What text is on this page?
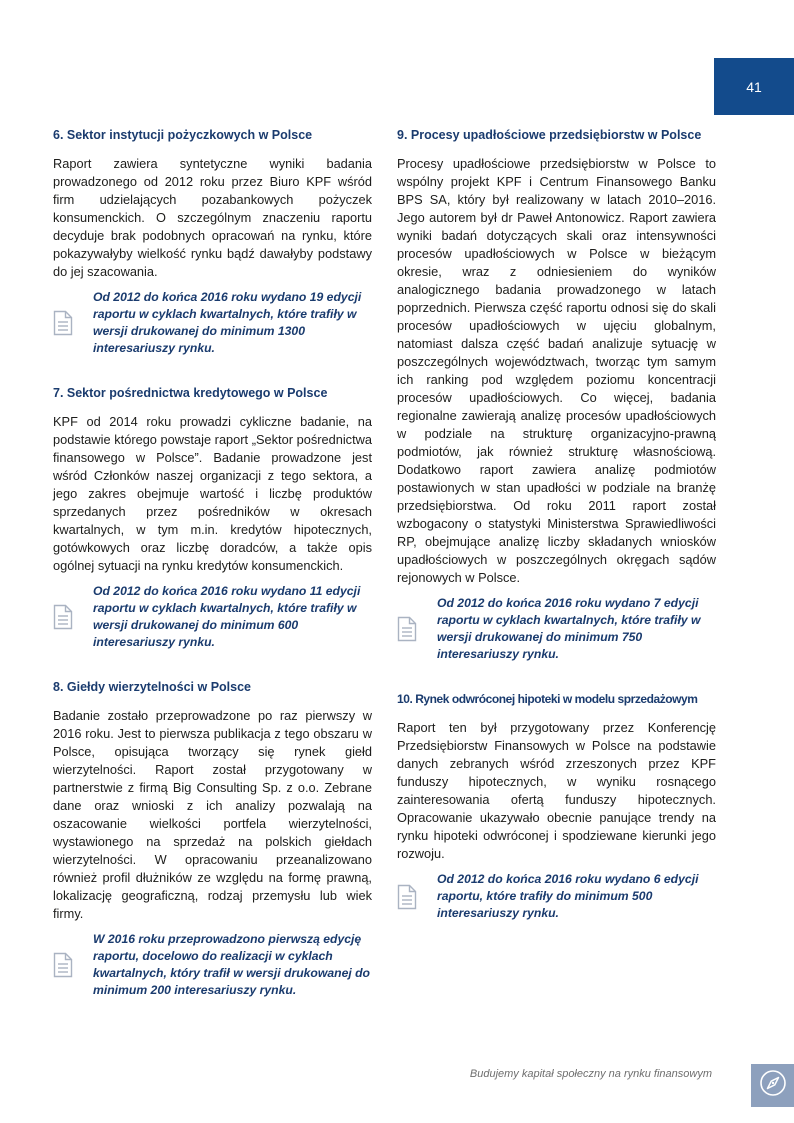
41
6. Sektor instytucji pożyczkowych w Polsce
Raport zawiera syntetyczne wyniki badania prowadzonego od 2012 roku przez Biuro KPF wśród firm udzielających pozabankowych pożyczek konsumenckich. O szczególnym znaczeniu raportu decyduje brak podobnych opracowań na rynku, które pokazywałyby wielkość rynku bądź dawałyby podstawy do jej szacowania.
Od 2012 do końca 2016 roku wydano 19 edycji raportu w cyklach kwartalnych, które trafiły w wersji drukowanej do minimum 1300 interesariuszy rynku.
7. Sektor pośrednictwa kredytowego w Polsce
KPF od 2014 roku prowadzi cykliczne badanie, na podstawie którego powstaje raport „Sektor pośrednictwa finansowego w Polsce”. Badanie prowadzone jest wśród Członków naszej organizacji z tego sektora, a jego zakres obejmuje wartość i liczbę produktów sprzedanych przez pośredników w okresach kwartalnych, w tym m.in. kredytów hipotecznych, gotówkowych oraz liczbę doradców, a także opis ogólnej sytuacji na rynku kredytów konsumenckich.
Od 2012 do końca 2016 roku wydano 11 edycji raportu w cyklach kwartalnych, które trafiły w wersji drukowanej do minimum 600 interesariuszy rynku.
8. Giełdy wierzytelności w Polsce
Badanie zostało przeprowadzone po raz pierwszy w 2016 roku. Jest to pierwsza publikacja z tego obszaru w Polsce, opisująca tworzący się rynek giełd wierzytelności. Raport został przygotowany w partnerstwie z firmą Big Consulting Sp. z o.o. Zebrane dane oraz wnioski z ich analizy pozwalają na oszacowanie wielkości portfela wierzytelności, wystawionego na sprzedaż na polskich giełdach wierzytelności. W opracowaniu przeanalizowano również profil dłużników ze względu na formę prawną, lokalizację geograficzną, rodzaj przemysłu lub wiek firmy.
W 2016 roku przeprowadzono pierwszą edycję raportu, docelowo do realizacji w cyklach kwartalnych, który trafił w wersji drukowanej do minimum 200 interesariuszy rynku.
9. Procesy upadłościowe przedsiębiorstw w Polsce
Procesy upadłościowe przedsiębiorstw w Polsce to wspólny projekt KPF i Centrum Finansowego Banku BPS SA, który był realizowany w latach 2010–2016. Jego autorem był dr Paweł Antonowicz. Raport zawiera wyniki badań dotyczących skali oraz intensywności procesów upadłościowych w Polsce w bieżącym okresie, wraz z odniesieniem do wyników analogicznego badania prowadzonego w latach poprzednich. Pierwsza część raportu odnosi się do skali procesów upadłościowych w ujęciu globalnym, natomiast dalsza część badań analizuje sytuację w poszczególnych województwach, tworząc tym samym ich ranking pod względem poziomu koncentracji procesów upadłościowych. Co więcej, badania regionalne zawierają analizę procesów upadłościowych w podziale na strukturę organizacyjno-prawną podmiotów, jak również strukturę własnościową. Dodatkowo raport zawiera analizę podmiotów postawionych w stan upadłości w podziale na branżę przedsiębiorstwa. Od roku 2011 raport został wzbogacony o statystyki Ministerstwa Sprawiedliwości RP, obejmujące analizę liczby składanych wniosków upadłościowych w poszczególnych okręgach sądów rejonowych w Polsce.
Od 2012 do końca 2016 roku wydano 7 edycji raportu w cyklach kwartalnych, które trafiły w wersji drukowanej do minimum 750 interesariuszy rynku.
10. Rynek odwróconej hipoteki w modelu sprzedażowym
Raport ten był przygotowany przez Konferencję Przedsiębiorstw Finansowych w Polsce na podstawie danych zebranych wśród zrzeszonych przez KPF funduszy hipotecznych, w wyniku rosnącego zainteresowania ofertą funduszy hipotecznych. Opracowanie ukazywało obecnie panujące trendy na rynku hipoteki odwróconej i spodziewane kierunki jego rozwoju.
Od 2012 do końca 2016 roku wydano 6 edycji raportu, które trafiły do minimum 500 interesariuszy rynku.
Budujemy kapitał społeczny na rynku finansowym
